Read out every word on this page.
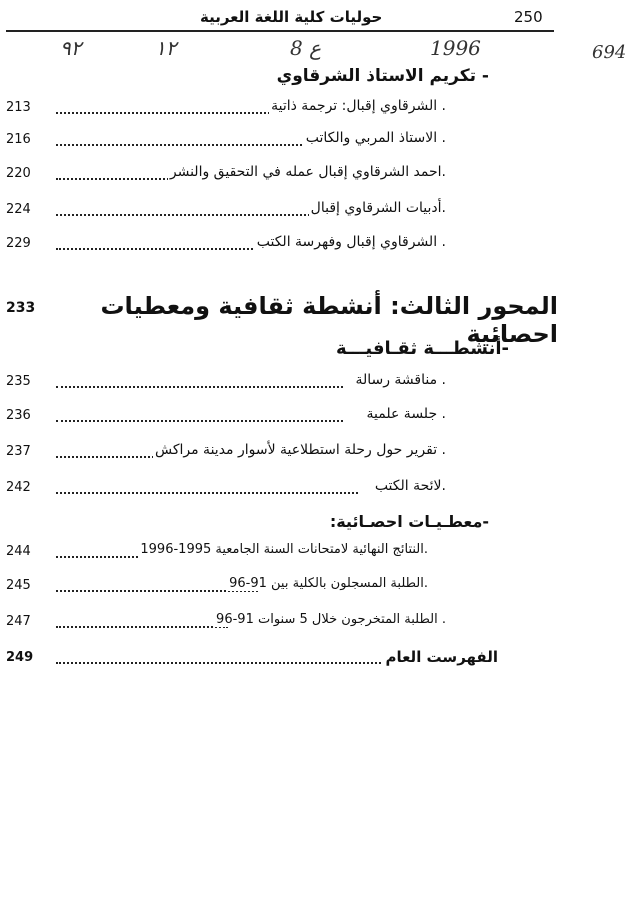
250
حوليات كلية اللغة العربية
1996
8 ع
١٢
٩٢	694
- تكريم الاستاذ الشرقاوي
213	. الشرقاوي إقبال: ترجمة ذاتية
216	. الاستاذ المربي والكاتب
220	.احمد الشرقاوي إقبال عمله في التحقيق والنشر
224	.أدبيات الشرقاوي إقبال
229	. الشرقاوي إقبال وفهرسة الكتب
233	المحور الثالث: أنشطة ثقافية ومعطيات احصائية
-أنشطـــة ثقـافيـــة
235	. مناقشة رسالة
236	. جلسة علمية
237	. تقرير حول رحلة استطلاعية لأسوار مدينة مراكش
242	.لائحة الكتب
-معطـيـات احصـائية:
244	.النتائج النهائية لامتحانات السنة الجامعية 1995-1996
245	.الطلبة المسجلون بالكلية بين 91-96
247	. الطلبة المتخرجون خلال 5 سنوات 91-96
249	الفهرست العام
